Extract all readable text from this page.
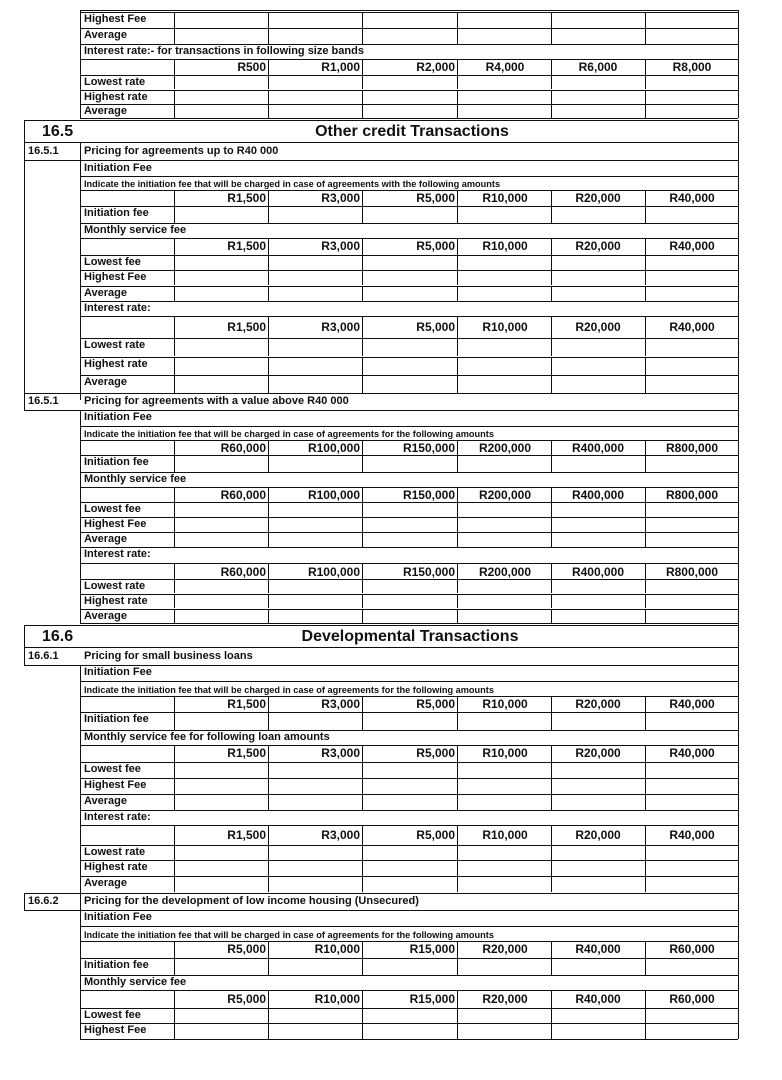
Highest Fee
Average
Interest rate:- for transactions in following size bands
R500	R1,000	R2,000	R4,000	R6,000	R8,000
Lowest rate
Highest rate
Average
16.5	Other credit Transactions
16.5.1 Pricing for agreements up to R40 000
Initiation Fee
Indicate the initiation fee that will be charged in case of agreements with the following amounts
R1,500	R3,000	R5,000	R10,000	R20,000	R40,000
Initiation fee
Monthly service fee
R1,500	R3,000	R5,000	R10,000	R20,000	R40,000
Lowest fee
Highest Fee
Average
Interest rate:
R1,500	R3,000	R5,000	R10,000	R20,000	R40,000
Lowest rate
Highest rate
Average
16.5.1 Pricing for agreements with a value above R40 000
Initiation Fee
Indicate the initiation fee that will be charged in case of agreements for the following amounts
R60,000	R100,000	R150,000	R200,000	R400,000	R800,000
Initiation fee
Monthly service fee
R60,000	R100,000	R150,000	R200,000	R400,000	R800,000
Lowest fee
Highest Fee
Average
Interest rate:
R60,000	R100,000	R150,000	R200,000	R400,000	R800,000
Lowest rate
Highest rate
Average
16.6	Developmental Transactions
16.6.1 Pricing for small business loans
Initiation Fee
Indicate the initiation fee that will be charged in case of agreements for the following amounts
R1,500	R3,000	R5,000	R10,000	R20,000	R40,000
Initiation fee
Monthly service fee for following loan amounts
R1,500	R3,000	R5,000	R10,000	R20,000	R40,000
Lowest fee
Highest Fee
Average
Interest rate:
R1,500	R3,000	R5,000	R10,000	R20,000	R40,000
Lowest rate
Highest rate
Average
16.6.2 Pricing for the development of low income housing (Unsecured)
Initiation Fee
Indicate the initiation fee that will be charged in case of agreements for the following amounts
R5,000	R10,000	R15,000	R20,000	R40,000	R60,000
Initiation fee
Monthly service fee
R5,000	R10,000	R15,000	R20,000	R40,000	R60,000
Lowest fee
Highest Fee
